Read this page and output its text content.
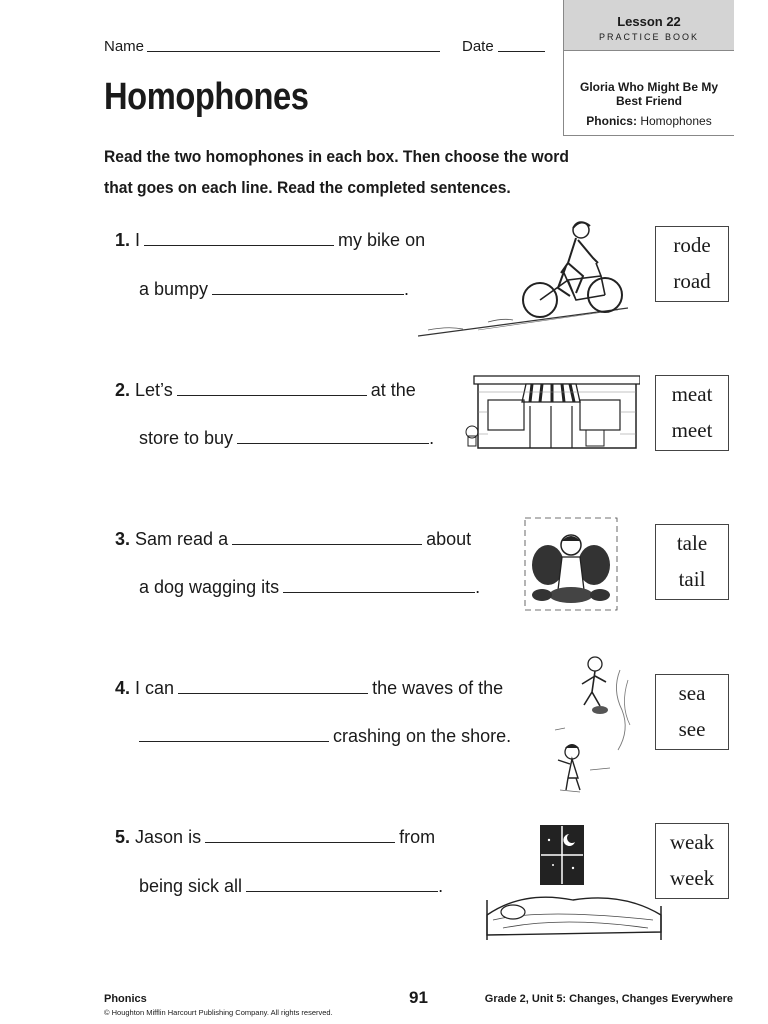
Name	Date
Homophones
Lesson 22
PRACTICE BOOK
Gloria Who Might Be My Best Friend
Phonics: Homophones
Read the two homophones in each box. Then choose the word
that goes on each line. Read the completed sentences.
1. I	my bike on
a bumpy	.
rode
road
2. Let’s	at the
store to buy	.
meat
meet
3. Sam read a	about
a dog wagging its	.
tale
tail
4. I can	the waves of the
crashing on the shore.
sea
see
5. Jason is	from
being sick all	.
weak
week
Phonics
© Houghton Mifflin Harcourt Publishing Company. All rights reserved.
91	Grade 2, Unit 5: Changes, Changes Everywhere
